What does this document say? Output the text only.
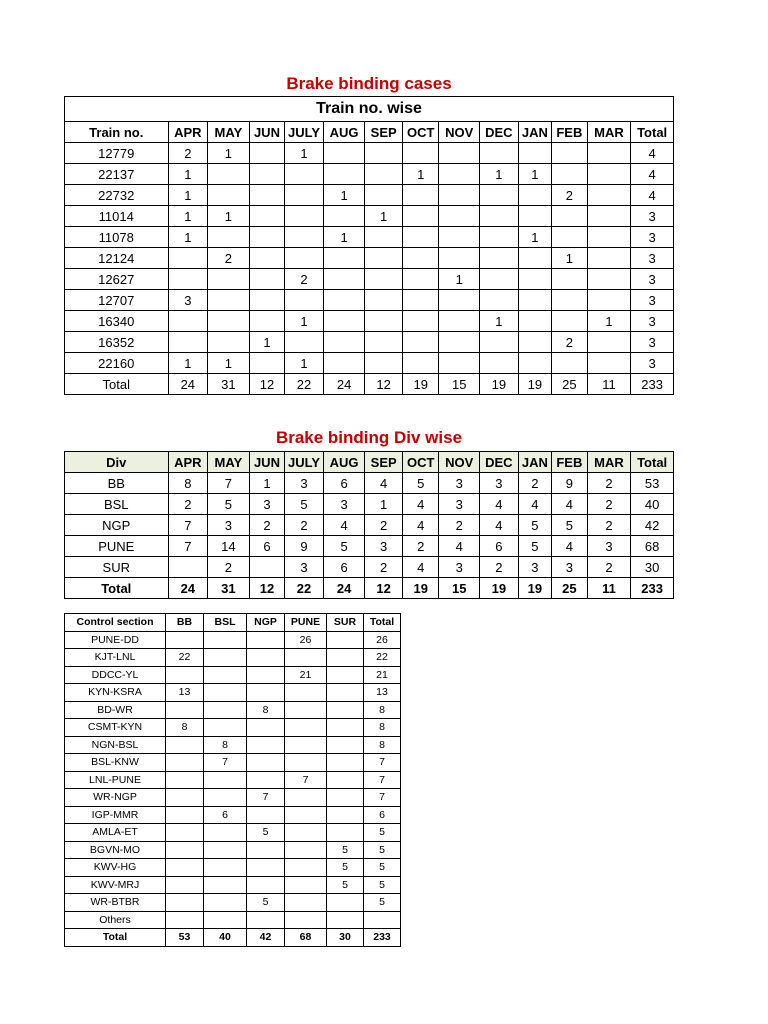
Brake binding cases
Train no. wise													
Train no.	APR	MAY	JUN	JULY	AUG	SEP	OCT	NOV	DEC	JAN	FEB	MAR	Total
12779	2	1		1									4
22137	1						1		1	1			4
22732	1				1						2		4
11014	1	1				1							3
11078	1				1					1			3
12124		2									1		3
12627				2				1					3
12707	3												3
16340				1					1			1	3
16352			1								2		3
22160	1	1		1									3
Total	24	31	12	22	24	12	19	15	19	19	25	11	233
Brake binding Div wise
Div	APR	MAY	JUN	JULY	AUG	SEP	OCT	NOV	DEC	JAN	FEB	MAR	Total
BB	8	7	1	3	6	4	5	3	3	2	9	2	53
BSL	2	5	3	5	3	1	4	3	4	4	4	2	40
NGP	7	3	2	2	4	2	4	2	4	5	5	2	42
PUNE	7	14	6	9	5	3	2	4	6	5	4	3	68
SUR		2		3	6	2	4	3	2	3	3	2	30
Total	24	31	12	22	24	12	19	15	19	19	25	11	233
Control section	BB	BSL	NGP	PUNE	SUR	Total
PUNE-DD				26		26
KJT-LNL	22					22
DDCC-YL				21		21
KYN-KSRA	13					13
BD-WR			8			8
CSMT-KYN	8					8
NGN-BSL		8				8
BSL-KNW		7				7
LNL-PUNE				7		7
WR-NGP			7			7
IGP-MMR		6				6
AMLA-ET			5			5
BGVN-MO					5	5
KWV-HG					5	5
KWV-MRJ					5	5
WR-BTBR			5			5
Others						
Total	53	40	42	68	30	233
